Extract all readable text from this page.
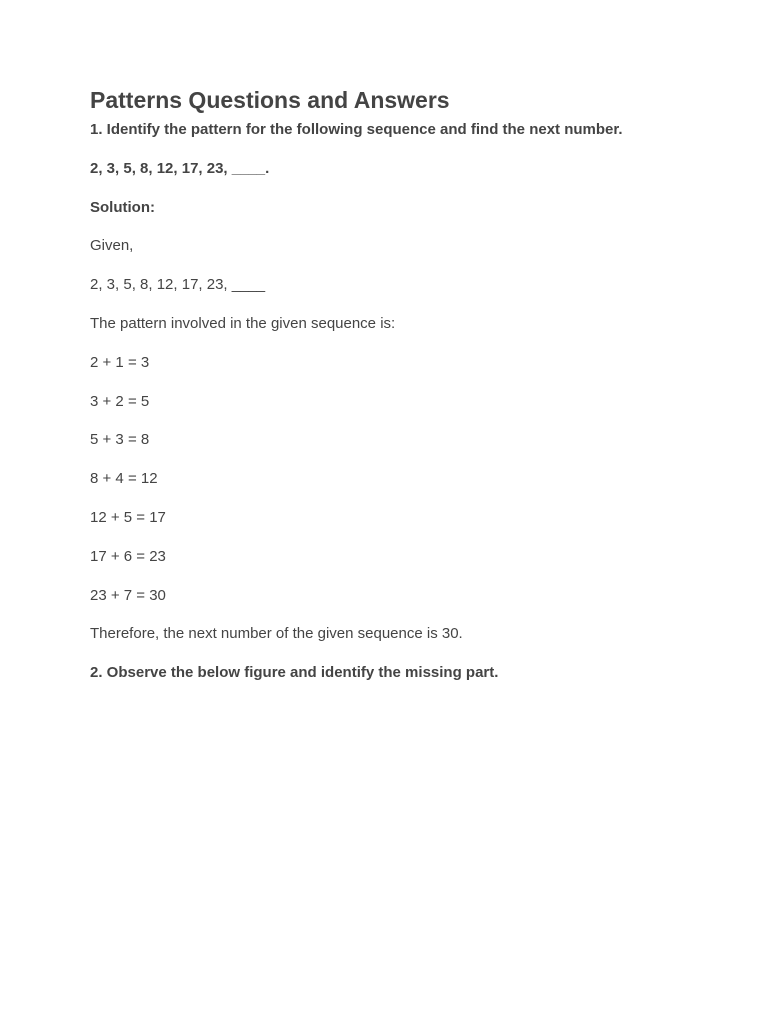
Patterns Questions and Answers

1. Identify the pattern for the following sequence and find the next number.

2, 3, 5, 8, 12, 17, 23, ____.

Solution:

Given,

2, 3, 5, 8, 12, 17, 23, ____

The pattern involved in the given sequence is:

2 + 1 = 3

3 + 2 = 5

5 + 3 = 8

8 + 4 = 12

12 + 5 = 17

17 + 6 = 23

23 + 7 = 30

Therefore, the next number of the given sequence is 30.

2. Observe the below figure and identify the missing part.
